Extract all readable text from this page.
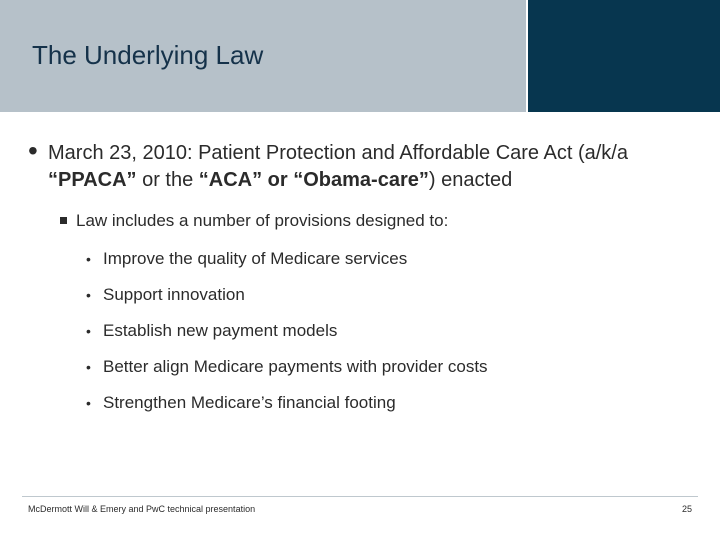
The Underlying Law
• March 23, 2010: Patient Protection and Affordable Care Act (a/k/a “PPACA” or the “ACA” or “Obama-care”) enacted
Law includes a number of provisions designed to:
• Improve the quality of Medicare services
• Support innovation
• Establish new payment models
• Better align Medicare payments with provider costs
• Strengthen Medicare’s financial footing
McDermott Will & Emery and PwC technical presentation	25
